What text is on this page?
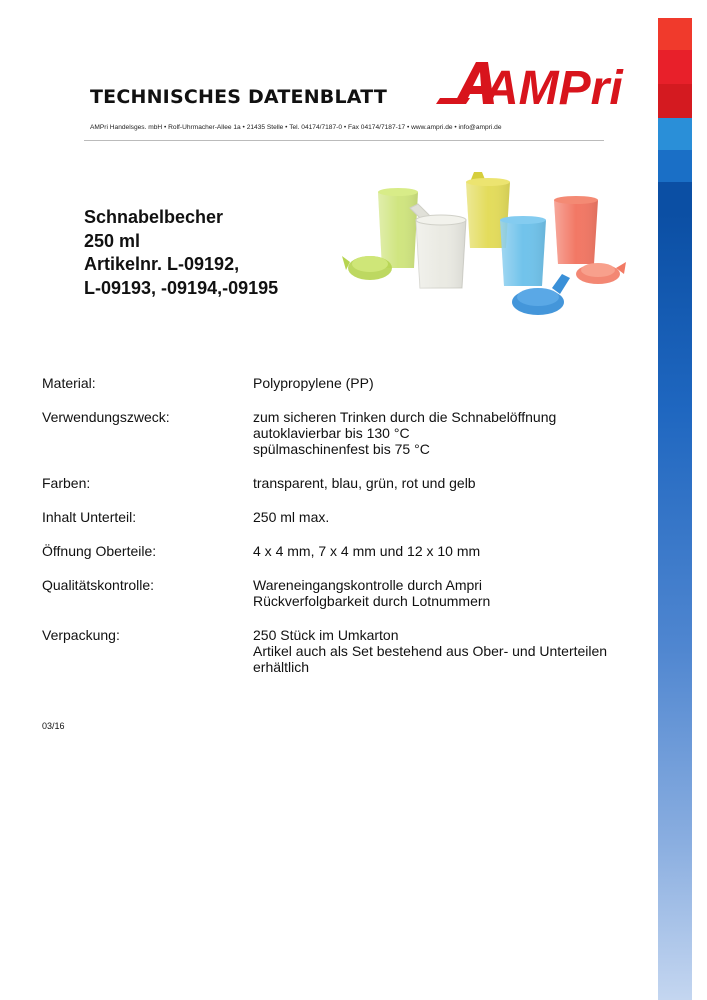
TECHNISCHES DATENBLATT AMPri

AMPri Handelsges. mbH • Rolf-Uhrmacher-Allee 1a • 21435 Stelle • Tel. 04174/7187-0 • Fax 04174/7187-17 • www.ampri.de • info@ampri.de

Schnabelbecher
250 ml
Artikelnr. L-09192,
L-09193, -09194,-09195
Material:	Polypropylene (PP)
Verwendungszweck:	zum sicheren Trinken durch die Schnabelöffnung
autoklavierbar bis 130 °C
spülmaschinenfest bis 75 °C
Farben:	transparent, blau, grün, rot und gelb
Inhalt Unterteil:	250 ml max.
Öffnung Oberteile:	4 x 4 mm, 7 x 4 mm und 12 x 10 mm
Qualitätskontrolle:	Wareneingangskontrolle durch Ampri
Rückverfolgbarkeit durch Lotnummern
Verpackung:	250 Stück im Umkarton
Artikel auch als Set bestehend aus Ober- und Unterteilen
erhältlich

03/16
